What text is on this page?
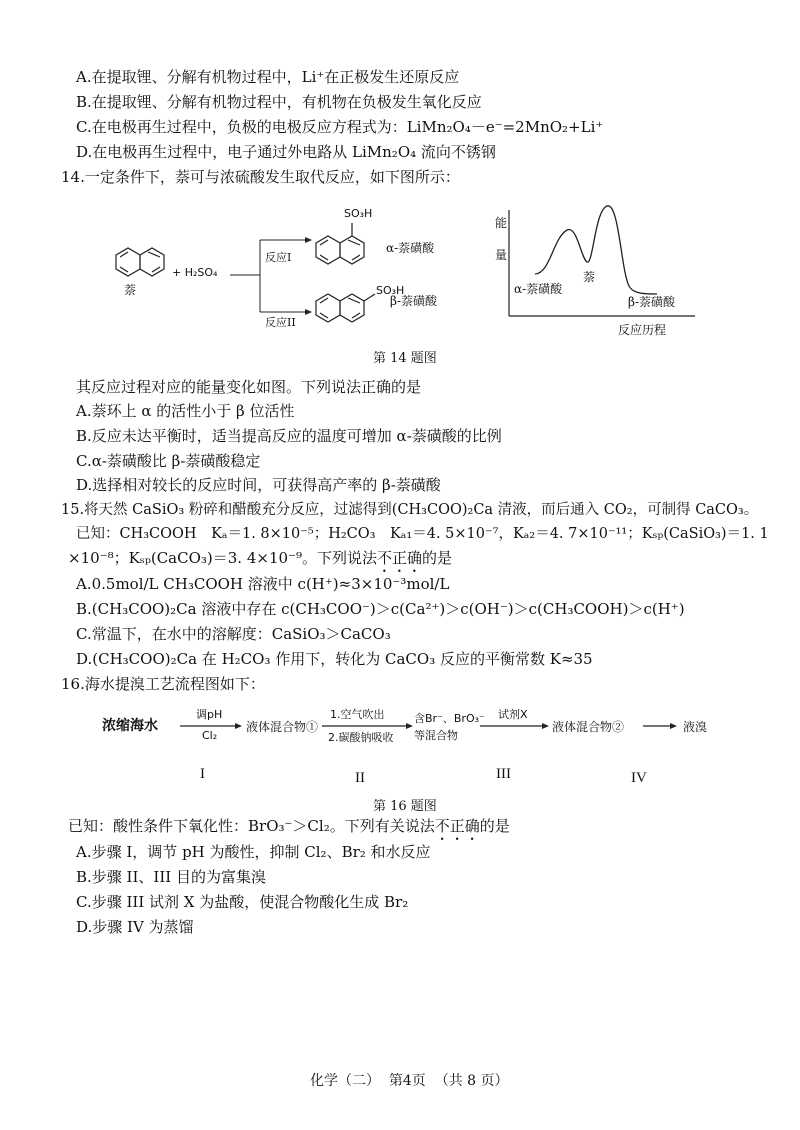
A.在提取锂、分解有机物过程中，Li⁺在正极发生还原反应
B.在提取锂、分解有机物过程中，有机物在负极发生氧化反应
C.在电极再生过程中，负极的电极反应方程式为：LiMn₂O₄－e⁻=2MnO₂+Li⁺
D.在电极再生过程中，电子通过外电路从 LiMn₂O₄ 流向不锈钢
14.一定条件下，萘可与浓硫酸发生取代反应，如下图所示：
萘
+ H₂SO₄
SO₃H
SO₃H
反应I
反应II
α-萘磺酸
β-萘磺酸
能
量
α-萘磺酸
萘
β-萘磺酸
反应历程
第 14 题图
其反应过程对应的能量变化如图。下列说法正确的是
A.萘环上 α 的活性小于 β 位活性
B.反应未达平衡时，适当提高反应的温度可增加 α-萘磺酸的比例
C.α-萘磺酸比 β-萘磺酸稳定
D.选择相对较长的反应时间，可获得高产率的 β-萘磺酸
15.将天然 CaSiO₃ 粉碎和醋酸充分反应，过滤得到(CH₃COO)₂Ca 清液，而后通入 CO₂，可制得 CaCO₃。
已知：CH₃COOH　Kₐ＝1. 8×10⁻⁵；H₂CO₃　Kₐ₁＝4. 5×10⁻⁷，Kₐ₂＝4. 7×10⁻¹¹；Kₛₚ(CaSiO₃)＝1. 1
×10⁻⁸；Kₛₚ(CaCO₃)＝3. 4×10⁻⁹。下列说法不正确的是
A.0.5mol/L CH₃COOH 溶液中 c(H⁺)≈3×10⁻³mol/L
B.(CH₃COO)₂Ca 溶液中存在 c(CH₃COO⁻)＞c(Ca²⁺)＞c(OH⁻)＞c(CH₃COOH)＞c(H⁺)
C.常温下，在水中的溶解度：CaSiO₃＞CaCO₃
D.(CH₃COO)₂Ca 在 H₂CO₃ 作用下，转化为 CaCO₃ 反应的平衡常数 K≈35
16.海水提溴工艺流程图如下：
浓缩海水
调pH
Cl₂
液体混合物①
1.空气吹出
2.碳酸钠吸收
含Br⁻、BrO₃⁻
等混合物
试剂X
液体混合物②	液溴
I	II	III	IV
第 16 题图
已知：酸性条件下氧化性：BrO₃⁻＞Cl₂。下列有关说法不正确的是
A.步骤 I，调节 pH 为酸性，抑制 Cl₂、Br₂ 和水反应
B.步骤 II、III 目的为富集溴
C.步骤 III 试剂 X 为盐酸，使混合物酸化生成 Br₂
D.步骤 IV 为蒸馏
化学（二）  第4页  （共 8 页）
